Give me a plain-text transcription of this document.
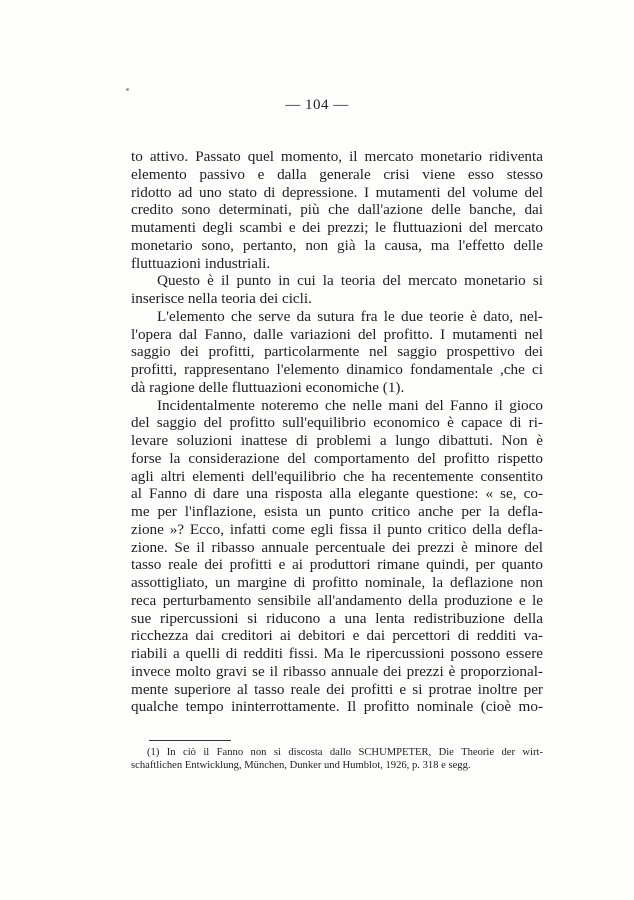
— 104 —
to attivo. Passato quel momento, il mercato monetario ridiventa
elemento passivo e dalla generale crisi viene esso stesso
ridotto ad uno stato di depressione. I mutamenti del volume del
credito sono determinati, più che dall'azione delle banche, dai
mutamenti degli scambi e dei prezzi; le fluttuazioni del mercato
monetario sono, pertanto, non già la causa, ma l'effetto delle
fluttuazioni industriali.
Questo è il punto in cui la teoria del mercato monetario si
inserisce nella teoria dei cicli.
L'elemento che serve da sutura fra le due teorie è dato, nel-
l'opera dal Fanno, dalle variazioni del profitto. I mutamenti nel
saggio dei profitti, particolarmente nel saggio prospettivo dei
profitti, rappresentano l'elemento dinamico fondamentale ,che ci
dà ragione delle fluttuazioni economiche (1).
Incidentalmente noteremo che nelle mani del Fanno il gioco
del saggio del profitto sull'equilibrio economico è capace di ri-
levare soluzioni inattese di problemi a lungo dibattuti. Non è
forse la considerazione del comportamento del profitto rispetto
agli altri elementi dell'equilibrio che ha recentemente consentito
al Fanno di dare una risposta alla elegante questione: « se, co-
me per l'inflazione, esista un punto critico anche per la defla-
zione »? Ecco, infatti come egli fissa il punto critico della defla-
zione. Se il ribasso annuale percentuale dei prezzi è minore del
tasso reale dei profitti e ai produttori rimane quindi, per quanto
assottigliato, un margine di profitto nominale, la deflazione non
reca perturbamento sensibile all'andamento della produzione e le
sue ripercussioni si riducono a una lenta redistribuzione della
ricchezza dai creditori ai debitori e dai percettori di redditi va-
riabili a quelli di redditi fissi. Ma le ripercussioni possono essere
invece molto gravi se il ribasso annuale dei prezzi è proporzional-
mente superiore al tasso reale dei profitti e si protrae inoltre per
qualche tempo ininterrottamente. Il profitto nominale (cioè mo-
(1) In ciò il Fanno non si discosta dallo SCHUMPETER, Die Theorie der wirt-
schaftlichen Entwicklung, München, Dunker und Humblot, 1926, p. 318 e segg.
